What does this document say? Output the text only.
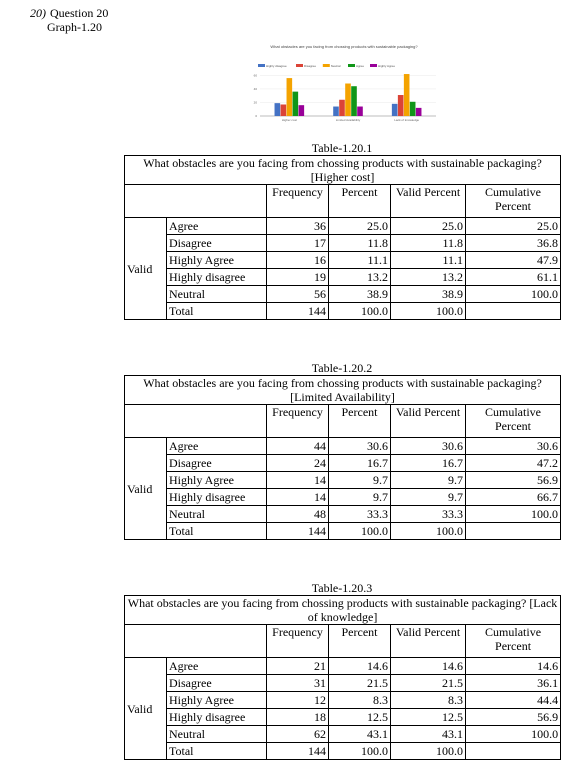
20) Question 20
Graph-1.20
What obstacles are you facing from chossing products with sustainable packaging?
Highly disagree	Disagree	Neutral	Agree	Highly Agree
60
40
20
0
Higher cost	Limited Availability	Lack of knowledge
Table-1.20.1
What obstacles are you facing from chossing products with sustainable packaging? [Higher cost]					
		Frequency	Percent	Valid Percent	Cumulative Percent
Valid	Agree	36	25.0	25.0	25.0
	Disagree	17	11.8	11.8	36.8
	Highly Agree	16	11.1	11.1	47.9
	Highly disagree	19	13.2	13.2	61.1
	Neutral	56	38.9	38.9	100.0
	Total	144	100.0	100.0	
Table-1.20.2
What obstacles are you facing from chossing products with sustainable packaging? [Limited Availability]					
		Frequency	Percent	Valid Percent	Cumulative Percent
Valid	Agree	44	30.6	30.6	30.6
	Disagree	24	16.7	16.7	47.2
	Highly Agree	14	9.7	9.7	56.9
	Highly disagree	14	9.7	9.7	66.7
	Neutral	48	33.3	33.3	100.0
	Total	144	100.0	100.0	
Table-1.20.3
What obstacles are you facing from chossing products with sustainable packaging? [Lack of knowledge]					
		Frequency	Percent	Valid Percent	Cumulative Percent
Valid	Agree	21	14.6	14.6	14.6
	Disagree	31	21.5	21.5	36.1
	Highly Agree	12	8.3	8.3	44.4
	Highly disagree	18	12.5	12.5	56.9
	Neutral	62	43.1	43.1	100.0
	Total	144	100.0	100.0	
